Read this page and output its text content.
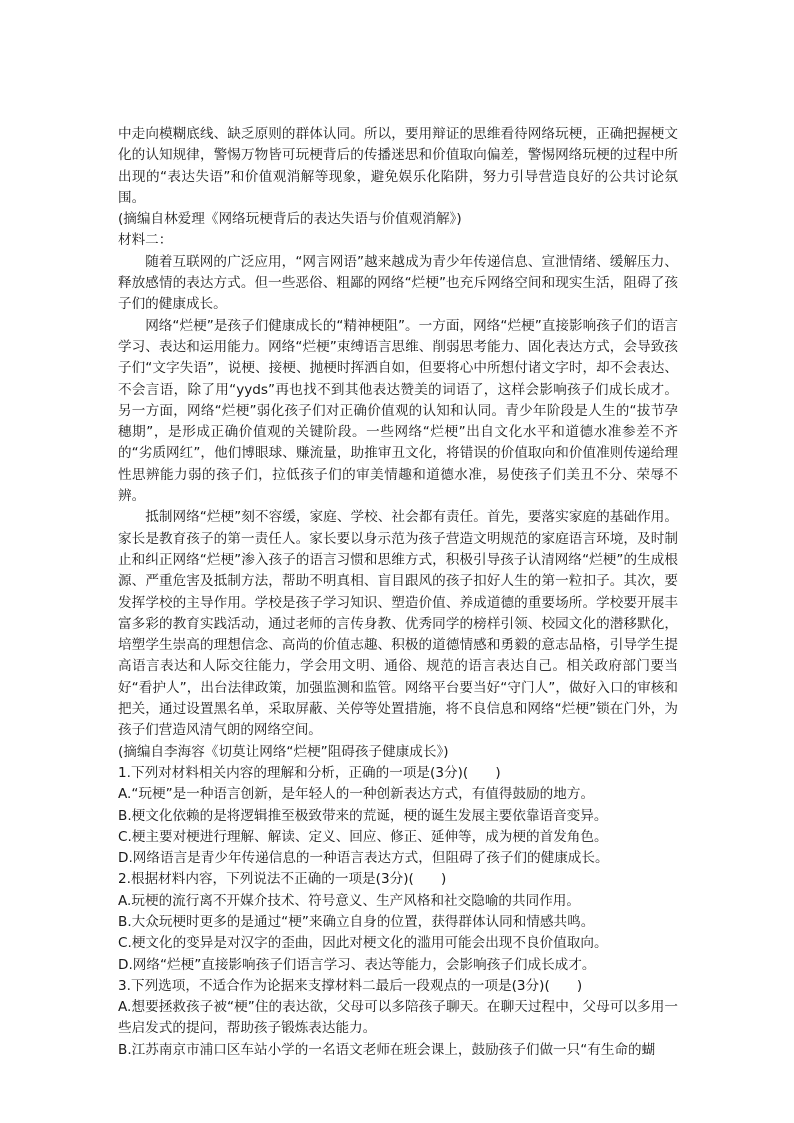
中走向模糊底线、缺乏原则的群体认同。所以，要用辩证的思维看待网络玩梗，正确把握梗文化的认知规律，警惕万物皆可玩梗背后的传播迷思和价值取向偏差，警惕网络玩梗的过程中所出现的“表达失语”和价值观消解等现象，避免娱乐化陷阱，努力引导营造良好的公共讨论氛围。

(摘编自林爱理《网络玩梗背后的表达失语与价值观消解》)

材料二：

随着互联网的广泛应用，“网言网语”越来越成为青少年传递信息、宣泄情绪、缓解压力、释放感情的表达方式。但一些恶俗、粗鄙的网络“烂梗”也充斥网络空间和现实生活，阻碍了孩子们的健康成长。

网络“烂梗”是孩子们健康成长的“精神梗阻”。一方面，网络“烂梗”直接影响孩子们的语言学习、表达和运用能力。网络“烂梗”束缚语言思维、削弱思考能力、固化表达方式，会导致孩子们“文字失语”，说梗、接梗、抛梗时挥洒自如，但要将心中所想付诸文字时，却不会表达、不会言语，除了用“yyds”再也找不到其他表达赞美的词语了，这样会影响孩子们成长成才。另一方面，网络“烂梗”弱化孩子们对正确价值观的认知和认同。青少年阶段是人生的“拔节孕穗期”，是形成正确价值观的关键阶段。一些网络“烂梗”出自文化水平和道德水准参差不齐的“劣质网红”，他们博眼球、赚流量，助推审丑文化，将错误的价值取向和价值准则传递给理性思辨能力弱的孩子们，拉低孩子们的审美情趣和道德水准，易使孩子们美丑不分、荣辱不辨。

抵制网络“烂梗”刻不容缓，家庭、学校、社会都有责任。首先，要落实家庭的基础作用。家长是教育孩子的第一责任人。家长要以身示范为孩子营造文明规范的家庭语言环境，及时制止和纠正网络“烂梗”渗入孩子的语言习惯和思维方式，积极引导孩子认清网络“烂梗”的生成根源、严重危害及抵制方法，帮助不明真相、盲目跟风的孩子扣好人生的第一粒扣子。其次，要发挥学校的主导作用。学校是孩子学习知识、塑造价值、养成道德的重要场所。学校要开展丰富多彩的教育实践活动，通过老师的言传身教、优秀同学的榜样引领、校园文化的潜移默化，培塑学生崇高的理想信念、高尚的价值志趣、积极的道德情感和勇毅的意志品格，引导学生提高语言表达和人际交往能力，学会用文明、通俗、规范的语言表达自己。相关政府部门要当好“看护人”，出台法律政策，加强监测和监管。网络平台要当好“守门人”，做好入口的审核和把关，通过设置黑名单，采取屏蔽、关停等处置措施，将不良信息和网络“烂梗”锁在门外，为孩子们营造风清气朗的网络空间。

(摘编自李海容《切莫让网络“烂梗”阻碍孩子健康成长》)

1.下列对材料相关内容的理解和分析，正确的一项是(3分)(　　)

A.“玩梗”是一种语言创新，是年轻人的一种创新表达方式，有值得鼓励的地方。

B.梗文化依赖的是将逻辑推至极致带来的荒诞，梗的诞生发展主要依靠语音变异。

C.梗主要对梗进行理解、解读、定义、回应、修正、延伸等，成为梗的首发角色。

D.网络语言是青少年传递信息的一种语言表达方式，但阻碍了孩子们的健康成长。

2.根据材料内容，下列说法不正确的一项是(3分)(　　)

A.玩梗的流行离不开媒介技术、符号意义、生产风格和社交隐喻的共同作用。

B.大众玩梗时更多的是通过“梗”来确立自身的位置，获得群体认同和情感共鸣。

C.梗文化的变异是对汉字的歪曲，因此对梗文化的滥用可能会出现不良价值取向。

D.网络“烂梗”直接影响孩子们语言学习、表达等能力，会影响孩子们成长成才。

3.下列选项，不适合作为论据来支撑材料二最后一段观点的一项是(3分)(　　)

A.想要拯救孩子被“梗”住的表达欲，父母可以多陪孩子聊天。在聊天过程中，父母可以多用一些启发式的提问，帮助孩子锻炼表达能力。

B.江苏南京市浦口区车站小学的一名语文老师在班会课上，鼓励孩子们做一只“有生命的蝴
